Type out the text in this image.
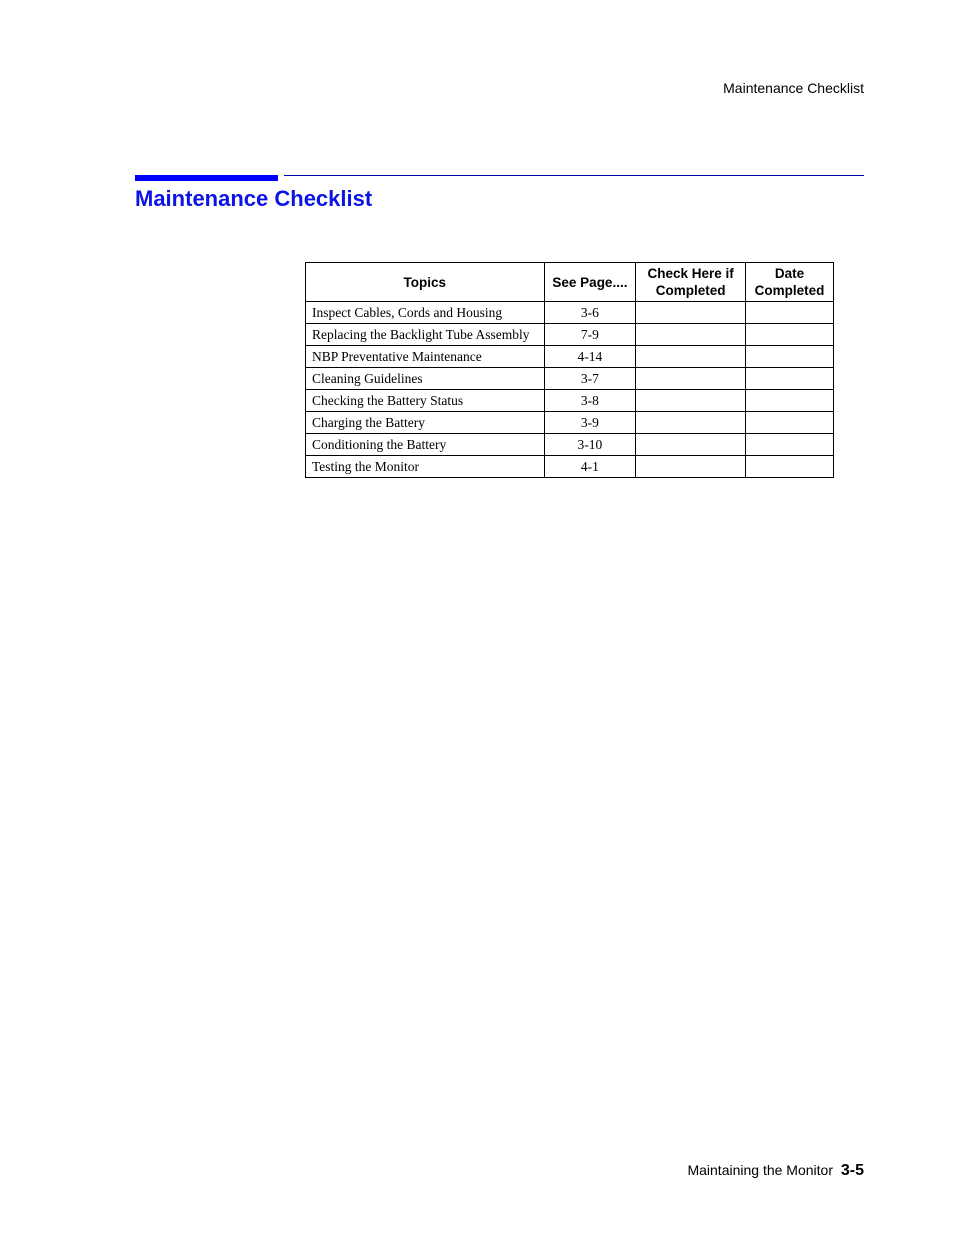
Maintenance Checklist
Maintenance Checklist
Topics	See Page....	Check Here if Completed	Date Completed
Inspect Cables, Cords and Housing	3-6		
Replacing the Backlight Tube Assembly	7-9		
NBP Preventative Maintenance	4-14		
Cleaning Guidelines	3-7		
Checking the Battery Status	3-8		
Charging the Battery	3-9		
Conditioning the Battery	3-10		
Testing the Monitor	4-1		
Maintaining the Monitor 3-5
